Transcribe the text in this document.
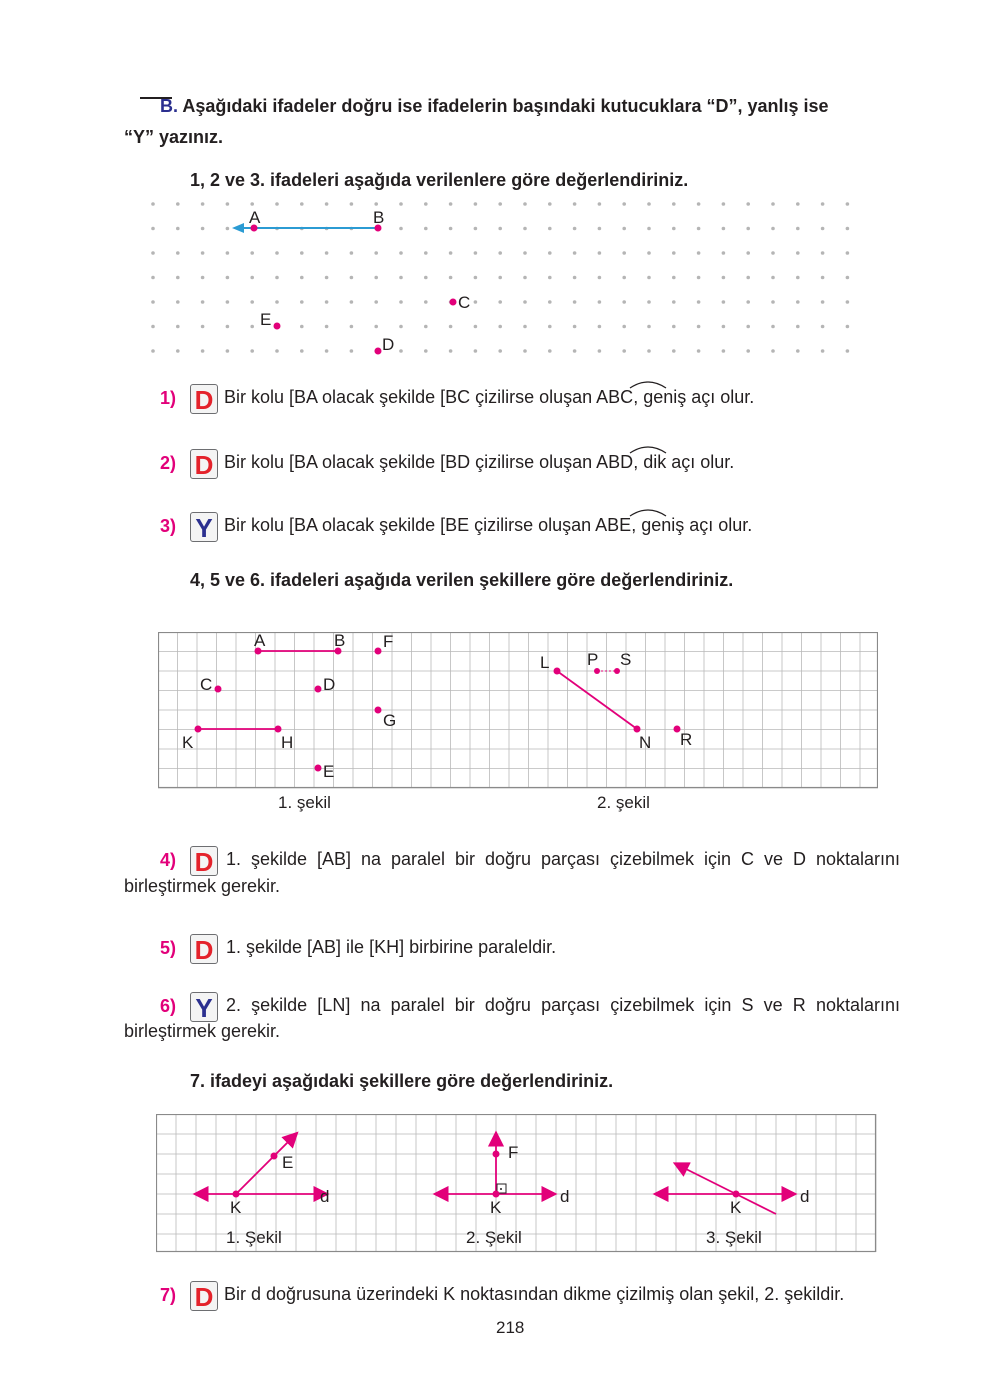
B. Aşağıdaki ifadeler doğru ise ifadelerin başındaki kutucuklara “D”, yanlış ise
“Y” yazınız.
1, 2 ve 3. ifadeleri aşağıda verilenlere göre değerlendiriniz.
A	B
C
E
D
1) D Bir kolu [BA olacak şekilde [BC çizilirse oluşan ABC, geniş açı olur.
2) D Bir kolu [BA olacak şekilde [BD çizilirse oluşan ABD, dik açı olur.
3) Y Bir kolu [BA olacak şekilde [BE çizilirse oluşan ABE, geniş açı olur.
4, 5 ve 6. ifadeleri aşağıda verilen şekillere göre değerlendiriniz.
A	B F
C	D
G
K	H
E
L P S
N R
1. şekil	2. şekil
4) D 1. şekilde [AB] na paralel bir doğru parçası çizebilmek için C ve D noktalarını
birleştirmek gerekir.
5) D 1. şekilde [AB] ile [KH] birbirine paraleldir.
6) Y 2. şekilde [LN] na paralel bir doğru parçası çizebilmek için S ve R noktalarını
birleştirmek gerekir.
7. ifadeyi aşağıdaki şekillere göre değerlendiriniz.
E
K
d
F
K
d
K
d
1. Şekil	2. Şekil	3. Şekil
7) D Bir d doğrusuna üzerindeki K noktasından dikme çizilmiş olan şekil, 2. şekildir.
218
